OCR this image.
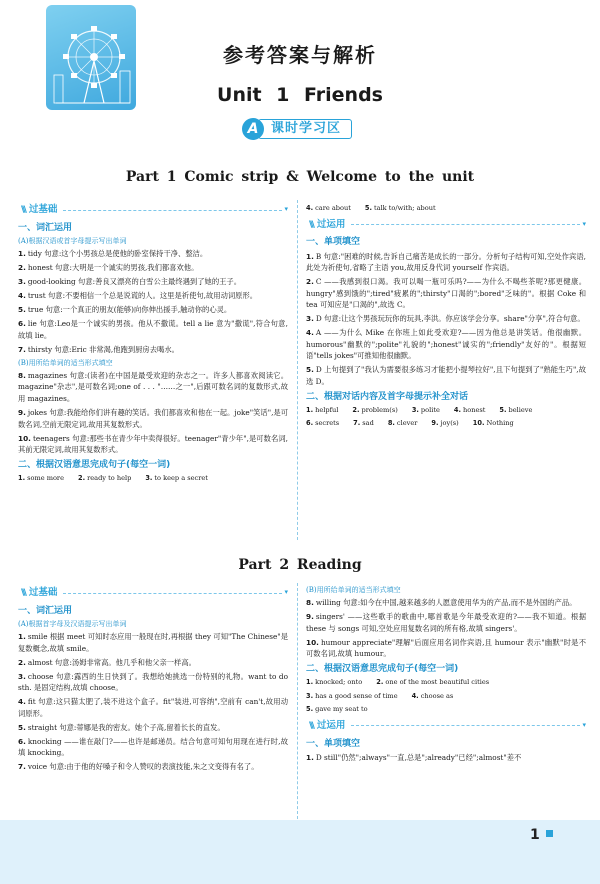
参考答案与解析
Unit 1 Friends
A 课时学习区
Part 1 Comic strip & Welcome to the unit
\\\ 过基础	▾
一、词汇运用
(A)根据汉语或首字母提示写出单词
1. tidy 句意:这个小男孩总是使他的卧室保持干净、整洁。
2. honest 句意:大明是一个诚实的男孩,我们都喜欢他。
3. good-looking 句意:善良又漂亮的白雪公主最终遇到了她的王子。
4. trust 句意:不要相信一个总是说谎的人。这里是祈使句,故用动词原形。
5. true 句意:一个真正的朋友(能够)向你伸出援手,触动你的心灵。
6. lie 句意:Leo是一个诚实的男孩。他从不撒谎。tell a lie 意为"撒谎",符合句意,故填 lie。
7. thirsty 句意:Eric 非常渴,他跑到厨房去喝水。
(B)用所给单词的适当形式填空
8. magazines 句意:(读者)在中国是最受欢迎的杂志之一。许多人都喜欢阅读它。magazine"杂志",是可数名词;one of . . . "……之一",后跟可数名词的复数形式,故用 magazines。
9. jokes 句意:我能给你们讲有趣的笑话。我们都喜欢和他在一起。joke"笑话",是可数名词,空前无限定词,故用其复数形式。
10. teenagers 句意:那些书在青少年中卖得很好。teenager"青少年",是可数名词,其前无限定词,故用其复数形式。
二、根据汉语意思完成句子(每空一词)
1. some more	2. ready to help	3. to keep a secret
4. care about	5. talk to/with; about
\\\ 过运用	▾
一、单项填空
1. B 句意:"困难的时候,告诉自己痛苦是成长的一部分。分析句子结构可知,空处作宾语,此处为祈使句,省略了主语 you,故用反身代词 yourself 作宾语。
2. C ——我感到很口渴。我可以喝一瓶可乐吗?——为什么不喝些茶呢?那更健康。hungry"感到饿的";tired"疲累的";thirsty"口渴的";bored"乏味的"。根据 Coke 和 tea 可知应是"口渴的",故选 C。
3. D 句意:让这个男孩玩玩你的玩具,李洪。你应该学会分享。share"分享",符合句意。
4. A ——为什么 Mike 在你班上如此受欢迎?——因为他总是讲笑话。他很幽默。humorous"幽默的";polite"礼貌的";honest"诚实的";friendly"友好的"。根据短语"tells jokes"可推知他很幽默。
5. D 上句提到了"我认为需要很多练习才能把小提琴拉好",且下句提到了"熟能生巧",故选 D。
二、根据对话内容及首字母提示补全对话
1. helpful	2. problem(s)	3. polite	4. honest	5. believe
6. secrets	7. sad	8. clever	9. joy(s)	10. Nothing
Part 2 Reading
\\\ 过基础	▾
一、词汇运用
(A)根据首字母及汉语提示写出单词
1. smile 根据 meet 可知时态应用一般现在时,再根据 they 可知"The Chinese"是复数概念,故填 smile。
2. almost 句意:汤姆非常高。他几乎和他父亲一样高。
3. choose 句意:露西的生日快到了。我想给她挑选一份特别的礼物。want to do sth. 是固定结构,故填 choose。
4. fit 句意:这只猫太肥了,装不进这个盒子。fit"装进,可容纳",空前有 can't,故用动词原形。
5. straight 句意:蒂娜是我的密友。她个子高,留着长长的直发。
6. knocking ——谁在敲门?——也许是邮递员。结合句意可知句用现在进行时,故填 knocking。
7. voice 句意:由于他的好嗓子和令人赞叹的表演技能,朱之文变得有名了。
(B)用所给单词的适当形式填空
8. willing 句意:如今在中国,越来越多的人愿意使用华为的产品,而不是外国的产品。
9. singers' ——这些歌手的歌曲中,哪首歌是今年最受欢迎的?——我不知道。根据 these 与 songs 可知,空处应用复数名词的所有格,故填 singers'。
10. humour appreciate"理解"后面应用名词作宾语,且 humour 表示"幽默"时是不可数名词,故填 humour。
二、根据汉语意思完成句子(每空一词)
1. knocked; onto	2. one of the most beautiful cities
3. has a good sense of time	4. choose as
5. gave my seat to
\\\ 过运用	▾
一、单项填空
1. D still"仍然";always"一直,总是";already"已经";almost"差不
1
